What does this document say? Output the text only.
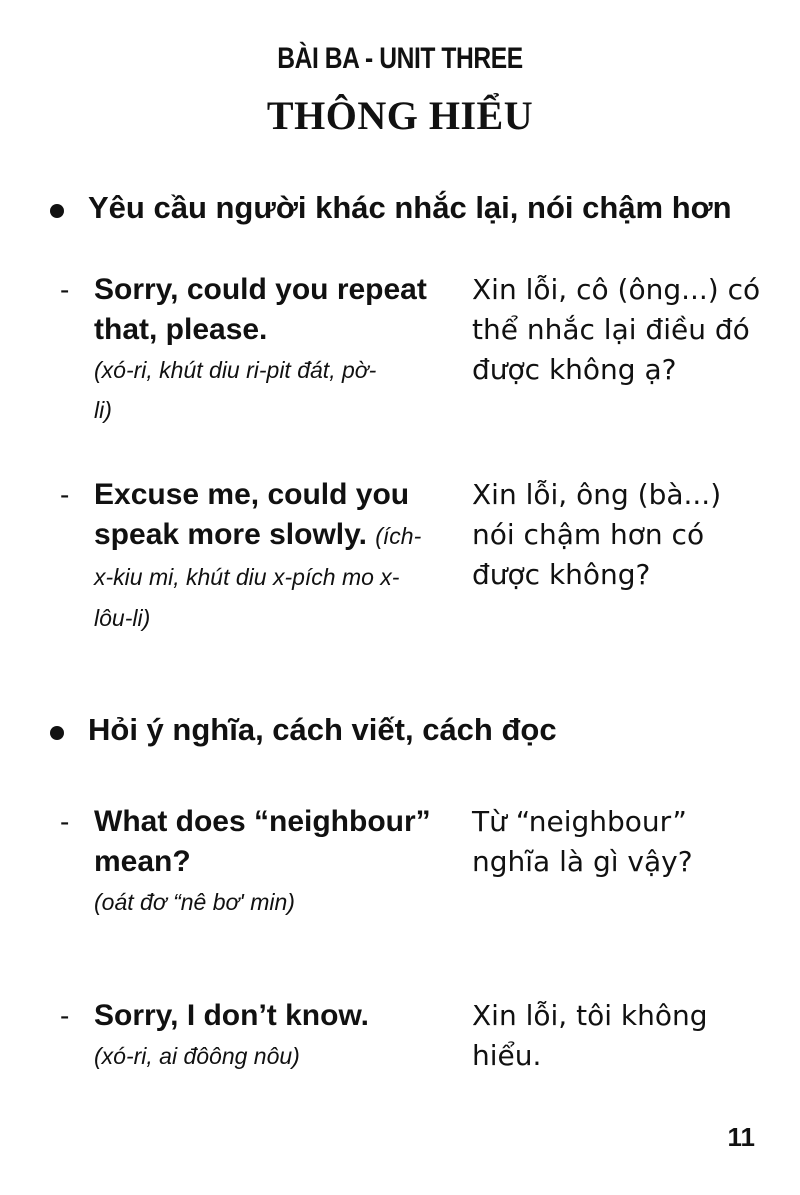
BÀI BA - UNIT THREE
THÔNG HIỂU
Yêu cầu người khác nhắc lại, nói chậm hơn
- Sorry, could you repeat that, please.
(xó-ri, khút diu ri-pit đát, pờ-li)
Xin lỗi, cô (ông...) có thể nhắc lại điều đó được không ạ?
- Excuse me, could you speak more slowly. (ích-x-kiu mi, khút diu x-pích mo x-lôu-li)
Xin lỗi, ông (bà...) nói chậm hơn có được không?
Hỏi ý nghĩa, cách viết, cách đọc
- What does “neighbour” mean?
(oát đơ “nê bơ' min)
Từ “neighbour” nghĩa là gì vậy?
- Sorry, I don’t know.
(xó-ri, ai đôông nôu)
Xin lỗi, tôi không hiểu.
11
